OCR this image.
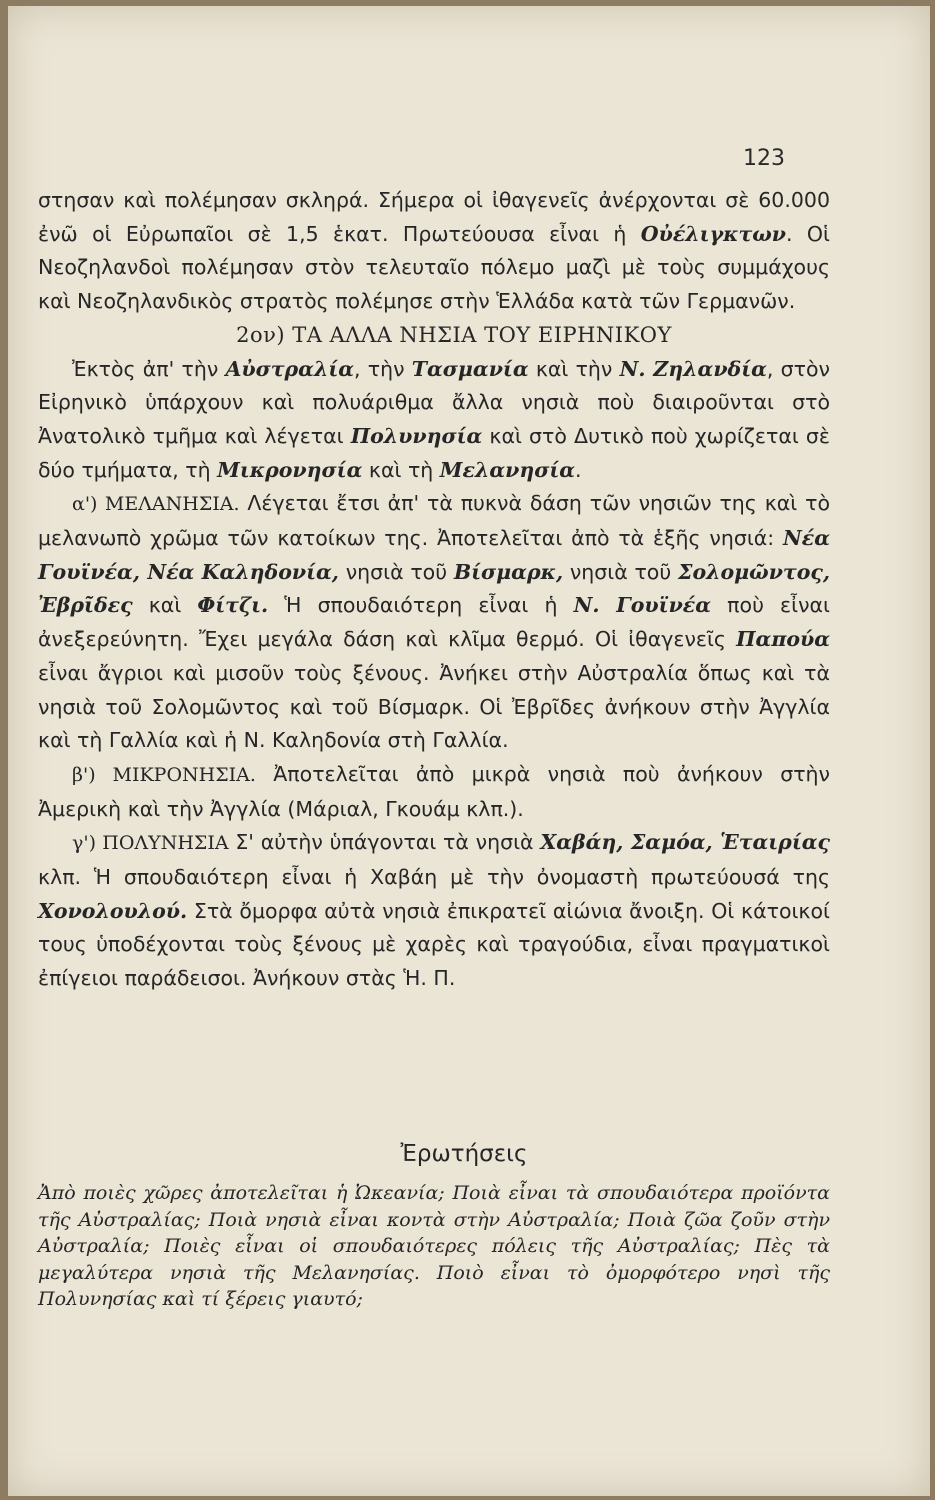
123

στησαν καὶ πολέμησαν σκληρά. Σήμερα οἱ ἰθαγενεῖς ἀνέρχονται σὲ 60.000 ἐνῶ οἱ Εὐρωπαῖοι σὲ 1,5 ἑκατ. Πρωτεύουσα εἶναι ἡ Οὐέλιγκτων. Οἱ Νεοζηλανδοὶ πολέμησαν στὸν τελευταῖο πόλεμο μαζὶ μὲ τοὺς συμμάχους καὶ Νεοζηλανδικὸς στρατὸς πολέμησε στὴν Ἑλλάδα κατὰ τῶν Γερμανῶν.

2ον) ΤΑ ΑΛΛΑ ΝΗΣΙΑ ΤΟΥ ΕΙΡΗΝΙΚΟΥ

Ἐκτὸς ἀπ' τὴν Αὐστραλία, τὴν Τασμανία καὶ τὴν Ν. Ζηλανδία, στὸν Εἰρηνικὸ ὑπάρχουν καὶ πολυάριθμα ἄλλα νησιὰ ποὺ διαιροῦνται στὸ Ἀνατολικὸ τμῆμα καὶ λέγεται Πολυνησία καὶ στὸ Δυτικὸ ποὺ χωρίζεται σὲ δύο τμήματα, τὴ Μικρονησία καὶ τὴ Μελανησία.

α') ΜΕΛΑΝΗΣΙΑ. Λέγεται ἔτσι ἀπ' τὰ πυκνὰ δάση τῶν νησιῶν της καὶ τὸ μελανωπὸ χρῶμα τῶν κατοίκων της. Ἀποτελεῖται ἀπὸ τὰ ἑξῆς νησιά: Νέα Γουϊνέα, Νέα Καληδονία, νησιὰ τοῦ Βίσμαρκ, νησιὰ τοῦ Σολομῶντος, Ἐβρῖδες καὶ Φίτζι. Ἡ σπουδαιότερη εἶναι ἡ Ν. Γουϊνέα ποὺ εἶναι ἀνεξερεύνητη. Ἔχει μεγάλα δάση καὶ κλῖμα θερμό. Οἱ ἰθαγενεῖς Παπούα εἶναι ἄγριοι καὶ μισοῦν τοὺς ξένους. Ἀνήκει στὴν Αὐστραλία ὅπως καὶ τὰ νησιὰ τοῦ Σολομῶντος καὶ τοῦ Βίσμαρκ. Οἱ Ἐβρῖδες ἀνήκουν στὴν Ἀγγλία καὶ τὴ Γαλλία καὶ ἡ Ν. Καληδονία στὴ Γαλλία.

β') ΜΙΚΡΟΝΗΣΙΑ. Ἀποτελεῖται ἀπὸ μικρὰ νησιὰ ποὺ ἀνήκουν στὴν Ἀμερικὴ καὶ τὴν Ἀγγλία (Μάριαλ, Γκουάμ κλπ.).

γ') ΠΟΛΥΝΗΣΙΑ Σ' αὐτὴν ὑπάγονται τὰ νησιὰ Χαβάη, Σαμόα, Ἑταιρίας κλπ. Ἡ σπουδαιότερη εἶναι ἡ Χαβάη μὲ τὴν ὀνομαστὴ πρωτεύουσά της Χονολουλού. Στὰ ὄμορφα αὐτὰ νησιὰ ἐπικρατεῖ αἰώνια ἄνοιξη. Οἱ κάτοικοί τους ὑποδέχονται τοὺς ξένους μὲ χαρὲς καὶ τραγούδια, εἶναι πραγματικοὶ ἐπίγειοι παράδεισοι. Ἀνήκουν στὰς Ἡ. Π.

Ἐρωτήσεις

Ἀπὸ ποιὲς χῶρες ἀποτελεῖται ἡ Ὠκεανία; Ποιὰ εἶναι τὰ σπουδαιότερα προϊόντα τῆς Αὐστραλίας; Ποιὰ νησιὰ εἶναι κοντὰ στὴν Αὐστραλία; Ποιὰ ζῶα ζοῦν στὴν Αὐστραλία; Ποιὲς εἶναι οἱ σπουδαιότερες πόλεις τῆς Αὐστραλίας; Πὲς τὰ μεγαλύτερα νησιὰ τῆς Μελανησίας. Ποιὸ εἶναι τὸ ὀμορφότερο νησὶ τῆς Πολυνησίας καὶ τί ξέρεις γιαυτό;
